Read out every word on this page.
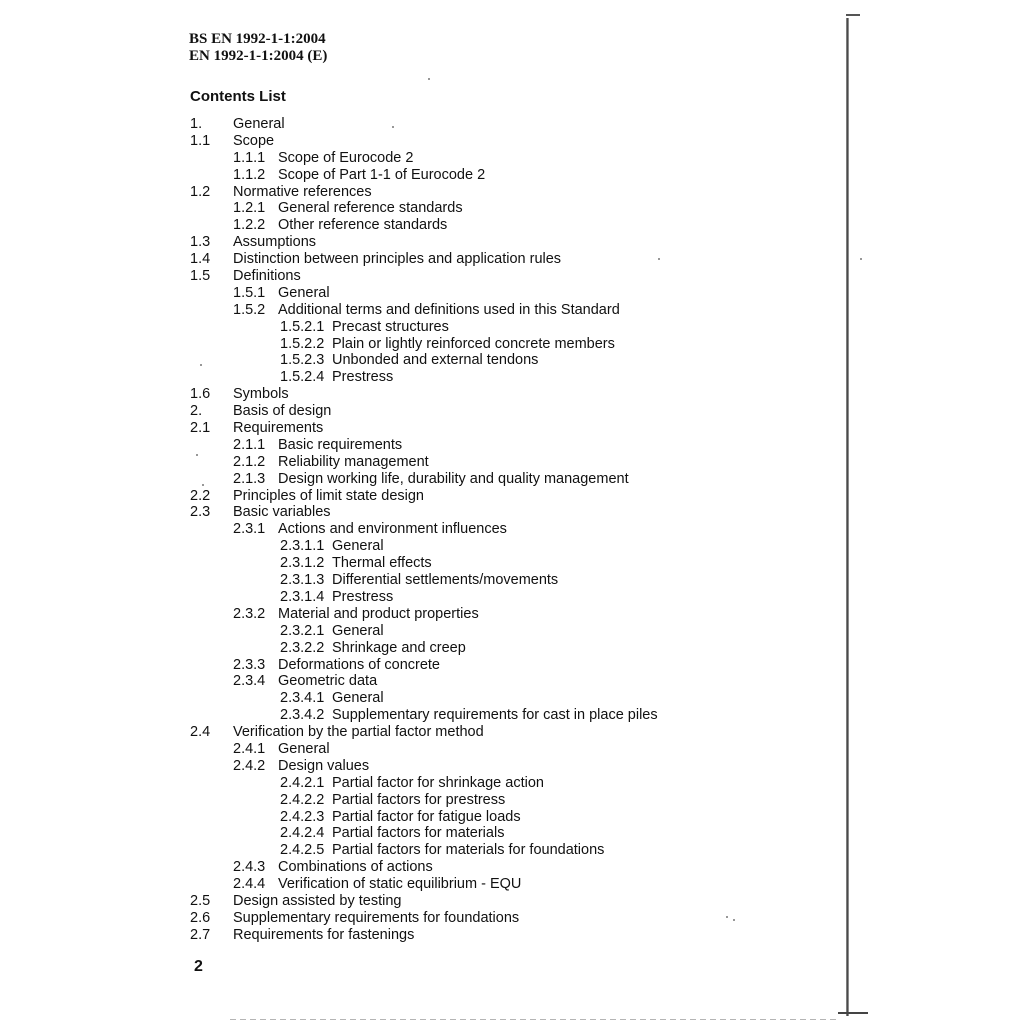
BS EN 1992-1-1:2004
EN 1992-1-1:2004 (E)
Contents List
1. General
1.1 Scope
1.1.1 Scope of Eurocode 2
1.1.2 Scope of Part 1-1 of Eurocode 2
1.2 Normative references
1.2.1 General reference standards
1.2.2 Other reference standards
1.3 Assumptions
1.4 Distinction between principles and application rules
1.5 Definitions
1.5.1 General
1.5.2 Additional terms and definitions used in this Standard
1.5.2.1 Precast structures
1.5.2.2 Plain or lightly reinforced concrete members
1.5.2.3 Unbonded and external tendons
1.5.2.4 Prestress
1.6 Symbols
2. Basis of design
2.1 Requirements
2.1.1 Basic requirements
2.1.2 Reliability management
2.1.3 Design working life, durability and quality management
2.2 Principles of limit state design
2.3 Basic variables
2.3.1 Actions and environment influences
2.3.1.1 General
2.3.1.2 Thermal effects
2.3.1.3 Differential settlements/movements
2.3.1.4 Prestress
2.3.2 Material and product properties
2.3.2.1 General
2.3.2.2 Shrinkage and creep
2.3.3 Deformations of concrete
2.3.4 Geometric data
2.3.4.1 General
2.3.4.2 Supplementary requirements for cast in place piles
2.4 Verification by the partial factor method
2.4.1 General
2.4.2 Design values
2.4.2.1 Partial factor for shrinkage action
2.4.2.2 Partial factors for prestress
2.4.2.3 Partial factor for fatigue loads
2.4.2.4 Partial factors for materials
2.4.2.5 Partial factors for materials for foundations
2.4.3 Combinations of actions
2.4.4 Verification of static equilibrium - EQU
2.5 Design assisted by testing
2.6 Supplementary requirements for foundations
2.7 Requirements for fastenings
2
